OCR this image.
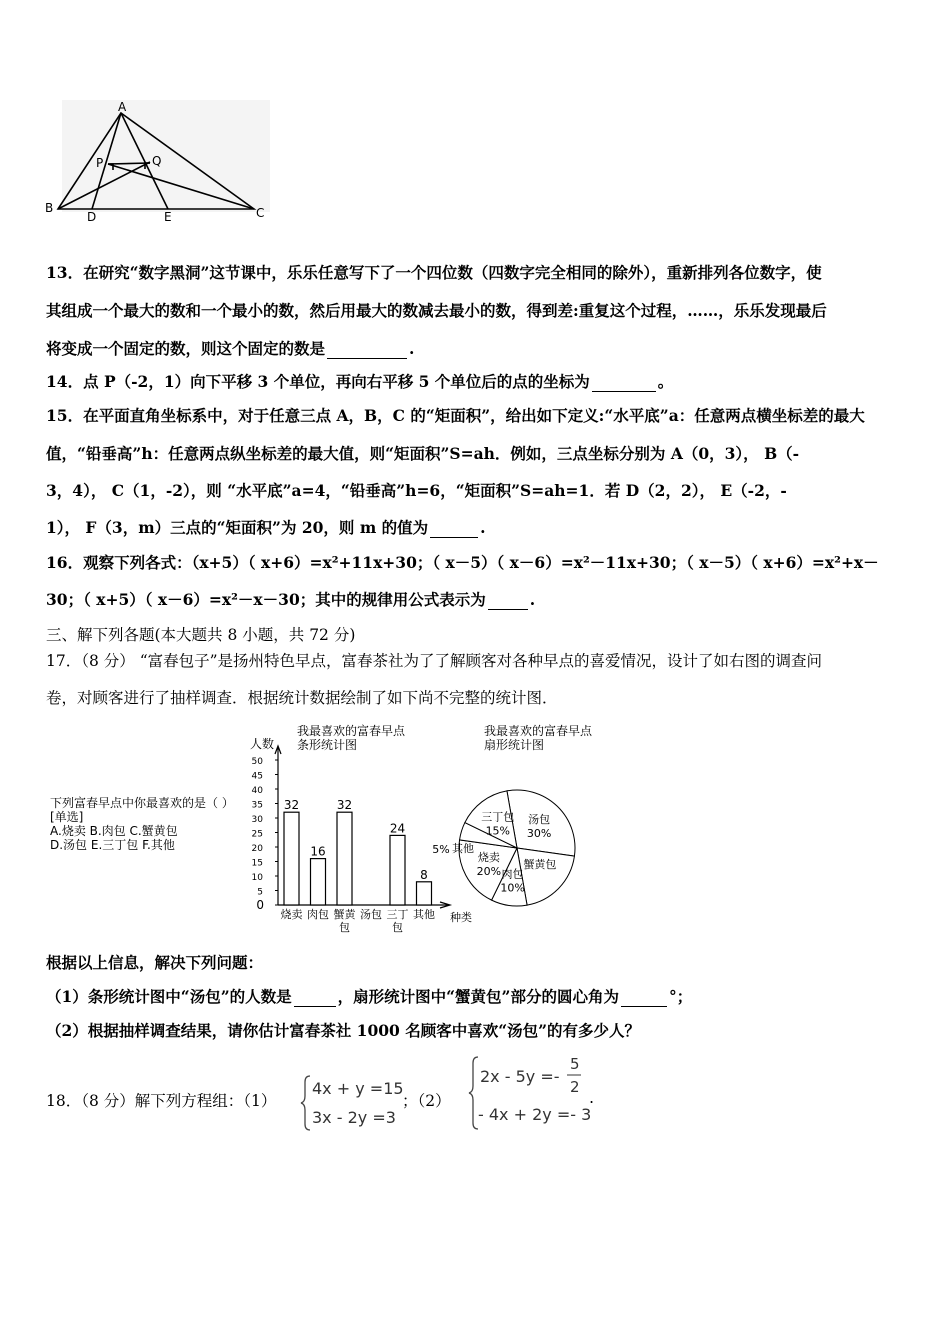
A
P	Q
B
D	E	C
13．在研究“数字黑洞”这节课中，乐乐任意写下了一个四位数（四数字完全相同的除外），重新排列各位数字，使
其组成一个最大的数和一个最小的数，然后用最大的数减去最小的数，得到差:重复这个过程，……，乐乐发现最后
将变成一个固定的数，则这个固定的数是	.
14．点 P（-2，1）向下平移 3 个单位，再向右平移 5 个单位后的点的坐标为	。
15．在平面直角坐标系中，对于任意三点 A，B，C 的“矩面积”，给出如下定义:“水平底”a：任意两点横坐标差的最大
值，“铅垂高”h：任意两点纵坐标差的最大值，则“矩面积”S=ah．例如，三点坐标分别为 A（0，3）， B（-
3，4）， C（1，-2），则 “水平底”a=4，“铅垂高”h=6，“矩面积”S=ah=1．若 D（2，2）， E（-2，-
1）， F（3，m）三点的“矩面积”为 20，则 m 的值为	.
16．观察下列各式：（x+5）（ x+6）=x²+11x+30；（ x－5）（ x－6）=x²－11x+30；（ x－5）（ x+6）=x²+x－
30；（ x+5）（ x－6）=x²－x－30；其中的规律用公式表示为	.
三、解下列各题(本大题共 8 小题，共 72 分)
17．（8 分） “富春包子”是扬州特色早点，富春茶社为了了解顾客对各种早点的喜爱情况，设计了如右图的调查问
卷，对顾客进行了抽样调查．根据统计数据绘制了如下尚不完整的统计图．
下列富春早点中你最喜欢的是（ ）
[单选]
A.烧卖 B.肉包 C.蟹黄包
D.汤包 E.三丁包 F.其他
我最喜欢的富春早点
条形统计图
我最喜欢的富春早点
扇形统计图
人数
0
5
10
15
20
25
30
35
40
45
50
32
烧卖
16
肉包
32
蟹黄
包
汤包
24
三丁
包
8
其他 种类
汤包
30%
蟹黄包
肉包
10%
烧卖
20%
其他
5%
三丁包
15%
根据以上信息，解决下列问题：
（1）条形统计图中“汤包”的人数是	，扇形统计图中“蟹黄包”部分的圆心角为	°；
（2）根据抽样调查结果，请你估计富春茶社 1000 名顾客中喜欢“汤包”的有多少人？
18．（8 分）解下列方程组：（1）
4x + y =15
3x - 2y =3
；（2）
2x - 5y =-
5
2
- 4x + 2y =- 3
.
